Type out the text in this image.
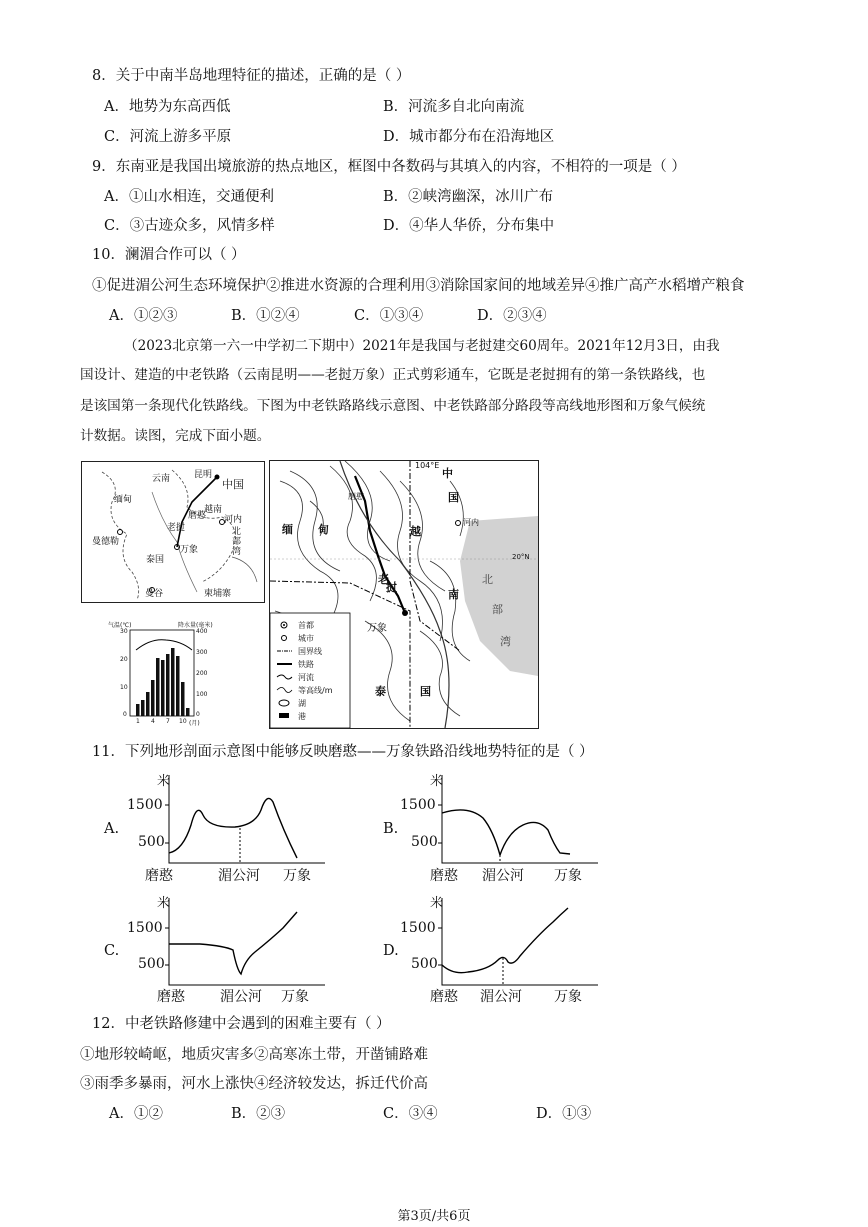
8．关于中南半岛地理特征的描述，正确的是（ ）
A．地势为东高西低	B．河流多自北向南流
C．河流上游多平原	D．城市都分布在沿海地区
9．东南亚是我国出境旅游的热点地区，框图中各数码与其填入的内容，不相符的一项是（ ）
A．①山水相连，交通便利	B．②峡湾幽深，冰川广布
C．③古迹众多，风情多样	D．④华人华侨，分布集中
10．澜湄合作可以（ ）
①促进湄公河生态环境保护②推进水资源的合理利用③消除国家间的地域差异④推广高产水稻增产粮食
A．①②③	B．①②④	C．①③④	D．②③④
（2023北京第一六一中学初二下期中）2021年是我国与老挝建交60周年。2021年12月3日，由我
国设计、建造的中老铁路（云南昆明——老挝万象）正式剪彩通车，它既是老挝拥有的第一条铁路线，也
是该国第一条现代化铁路线。下图为中老铁路路线示意图、中老铁路部分路段等高线地形图和万象气候统
计数据。读图，完成下面小题。
云南	昆明
中国
缅甸
越南
老挝
河内
北部湾
曼德勒
泰国
曼谷	柬埔寨
万象
磨憨
气温(℃)	降水量(毫米)
30
20
10
0
400
300
200
100
0
1 4 7 10 (月)
104°E
中
国
缅 甸	越
南
老
挝
北
部
湾
万象
河内
20°N
泰	国
磨憨
首都
城市
国界线
铁路
河流
等高线/m
湖
港
11．下列地形剖面示意图中能够反映磨憨——万象铁路沿线地势特征的是（ ）
A.
米
1500
500
磨憨	湄公河 万象
B.
米
1500
500
磨憨 湄公河 万象
C.
米
1500
500
磨憨	湄公河 万象
D.
米
1500
500
磨憨 湄公河 万象
12．中老铁路修建中会遇到的困难主要有（ ）
①地形较崎岖，地质灾害多②高寒冻土带，开凿铺路难
③雨季多暴雨，河水上涨快④经济较发达，拆迁代价高
A．①②	B．②③	C．③④	D．①③
第3页/共6页
